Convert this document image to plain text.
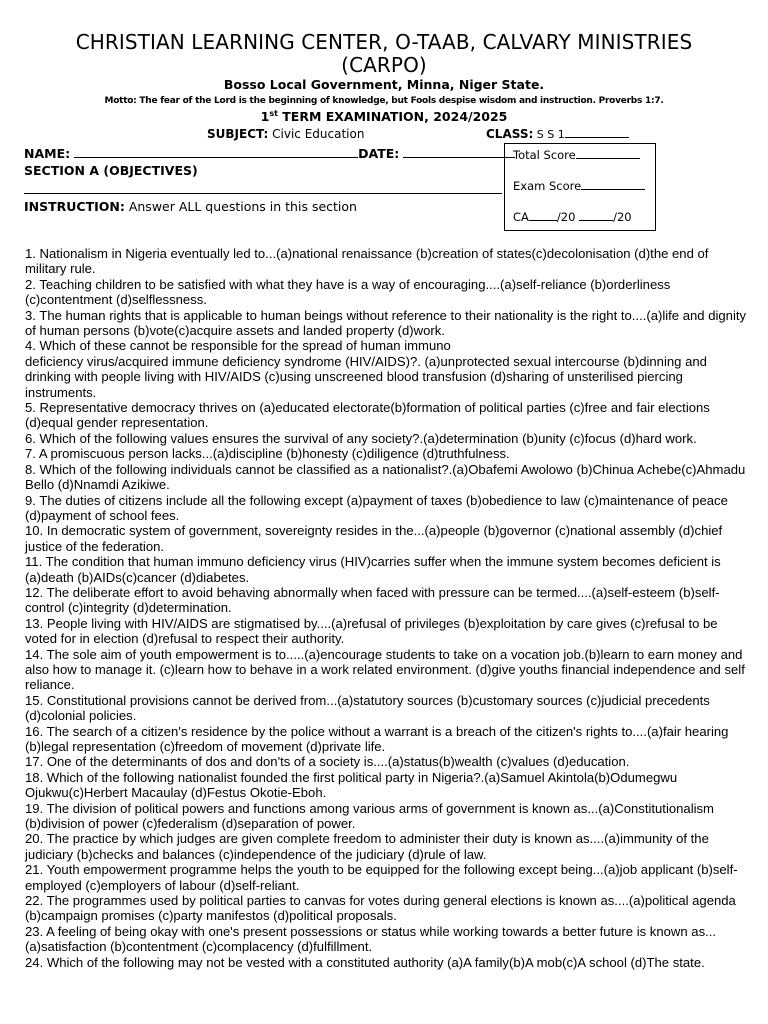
CHRISTIAN LEARNING CENTER, O-TAAB, CALVARY MINISTRIES (CARPO)
Bosso Local Government, Minna, Niger State.
Motto: The fear of the Lord is the beginning of knowledge, but Fools despise wisdom and instruction. Proverbs 1:7.
1st TERM EXAMINATION, 2024/2025
SUBJECT: Civic Education	CLASS: S S 1
NAME:	DATE:
SECTION A (OBJECTIVES)
INSTRUCTION: Answer ALL questions in this section
Total Score
Exam Score
CA /20	/20

1. Nationalism in Nigeria eventually led to...(a)national renaissance (b)creation of states(c)decolonisation (d)the end of military rule.

2. Teaching children to be satisfied with what they have is a way of encouraging....(a)self-reliance (b)orderliness (c)contentment (d)selflessness.

3. The human rights that is applicable to human beings without reference to their nationality is the right to....(a)life and dignity of human persons (b)vote(c)acquire assets and landed property (d)work.

4. Which of these cannot be responsible for the spread of human immuno

deficiency virus/acquired immune deficiency syndrome (HIV/AIDS)?. (a)unprotected sexual intercourse (b)dinning and drinking with people living with HIV/AIDS (c)using unscreened blood transfusion (d)sharing of unsterilised piercing instruments.

5. Representative democracy thrives on (a)educated electorate(b)formation of political parties (c)free and fair elections (d)equal gender representation.

6. Which of the following values ensures the survival of any society?.(a)determination (b)unity (c)focus (d)hard work.

7. A promiscuous person lacks...(a)discipline (b)honesty (c)diligence (d)truthfulness.

8. Which of the following individuals cannot be classified as a nationalist?.(a)Obafemi Awolowo (b)Chinua Achebe(c)Ahmadu Bello (d)Nnamdi Azikiwe.

9. The duties of citizens include all the following except (a)payment of taxes (b)obedience to law (c)maintenance of peace (d)payment of school fees.

10. In democratic system of government, sovereignty resides in the...(a)people (b)governor (c)national assembly (d)chief justice of the federation.

11. The condition that human immuno deficiency virus (HIV)carries suffer when the immune system becomes deficient is (a)death (b)AIDs(c)cancer (d)diabetes.

12. The deliberate effort to avoid behaving abnormally when faced with pressure can be termed....(a)self-esteem (b)self-control (c)integrity (d)determination.

13. People living with HIV/AIDS are stigmatised by....(a)refusal of privileges (b)exploitation by care gives (c)refusal to be voted for in election (d)refusal to respect their authority.

14. The sole aim of youth empowerment is to.....(a)encourage students to take on a vocation job.(b)learn to earn money and also how to manage it. (c)learn how to behave in a work related environment. (d)give youths financial independence and self reliance.

15. Constitutional provisions cannot be derived from...(a)statutory sources (b)customary sources (c)judicial precedents (d)colonial policies.

16. The search of a citizen's residence by the police without a warrant is a breach of the citizen's rights to....(a)fair hearing (b)legal representation (c)freedom of movement (d)private life.

17. One of the determinants of dos and don'ts of a society is....(a)status(b)wealth (c)values (d)education.

18. Which of the following nationalist founded the first political party in Nigeria?.(a)Samuel Akintola(b)Odumegwu Ojukwu(c)Herbert Macaulay (d)Festus Okotie-Eboh.

19. The division of political powers and functions among various arms of government is known as...(a)Constitutionalism (b)division of power (c)federalism (d)separation of power.

20. The practice by which judges are given complete freedom to administer their duty is known as....(a)immunity of the judiciary (b)checks and balances (c)independence of the judiciary (d)rule of law.

21. Youth empowerment programme helps the youth to be equipped for the following except being...(a)job applicant (b)self-employed (c)employers of labour (d)self-reliant.

22. The programmes used by political parties to canvas for votes during general elections is known as....(a)political agenda (b)campaign promises (c)party manifestos (d)political proposals.

23. A feeling of being okay with one's present possessions or status while working towards a better future is known as...(a)satisfaction (b)contentment (c)complacency (d)fulfillment.

24. Which of the following may not be vested with a constituted authority (a)A family(b)A mob(c)A school (d)The state.
